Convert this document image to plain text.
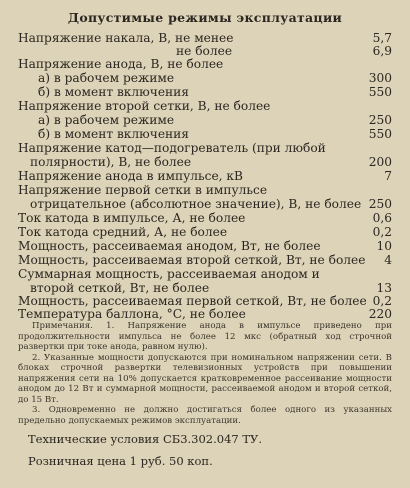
Допустимые режимы эксплуатации
Напряжение накала, В, не менее	5,7
не более	6,9
Напряжение анода, В, не более
а) в рабочем режиме	300
б) в момент включения	550
Напряжение второй сетки, В, не более
а) в рабочем режиме	250
б) в момент включения	550
Напряжение катод—подогреватель (при любой
полярности), В, не более	200
Напряжение анода в импульсе, кВ	7
Напряжение первой сетки в импульсе
отрицательное (абсолютное значение), В, не более 250
Ток катода в импульсе, А, не более	0,6
Ток катода средний, А, не более	0,2
Мощность, рассеиваемая анодом, Вт, не более	10
Мощность, рассеиваемая второй сеткой, Вт, не более 4
Суммарная мощность, рассеиваемая анодом и
второй сеткой, Вт, не более	13
Мощность, рассеиваемая первой сеткой, Вт, не более 0,2
Температура баллона, °С, не более	220

Примечания. 1. Напряжение анода в импульсе приведено при продолжительности импульса не более 12 мкс (обратный ход строчной развертки при токе анода, равном нулю).

2. Указанные мощности допускаются при номинальном напряжении сети. В блоках строчной развертки телевизионных устройств при повышении напряжения сети на 10% допускается кратковременное рассеивание мощности анодом до 12 Вт и суммарной мощности, рассеиваемой анодом и второй сеткой, до 15 Вт.

3. Одновременно не должно достигаться более одного из указанных предельно допускаемых режимов эксплуатации.

Технические условия СБ3.302.047 ТУ.
Розничная цена 1 руб. 50 коп.
